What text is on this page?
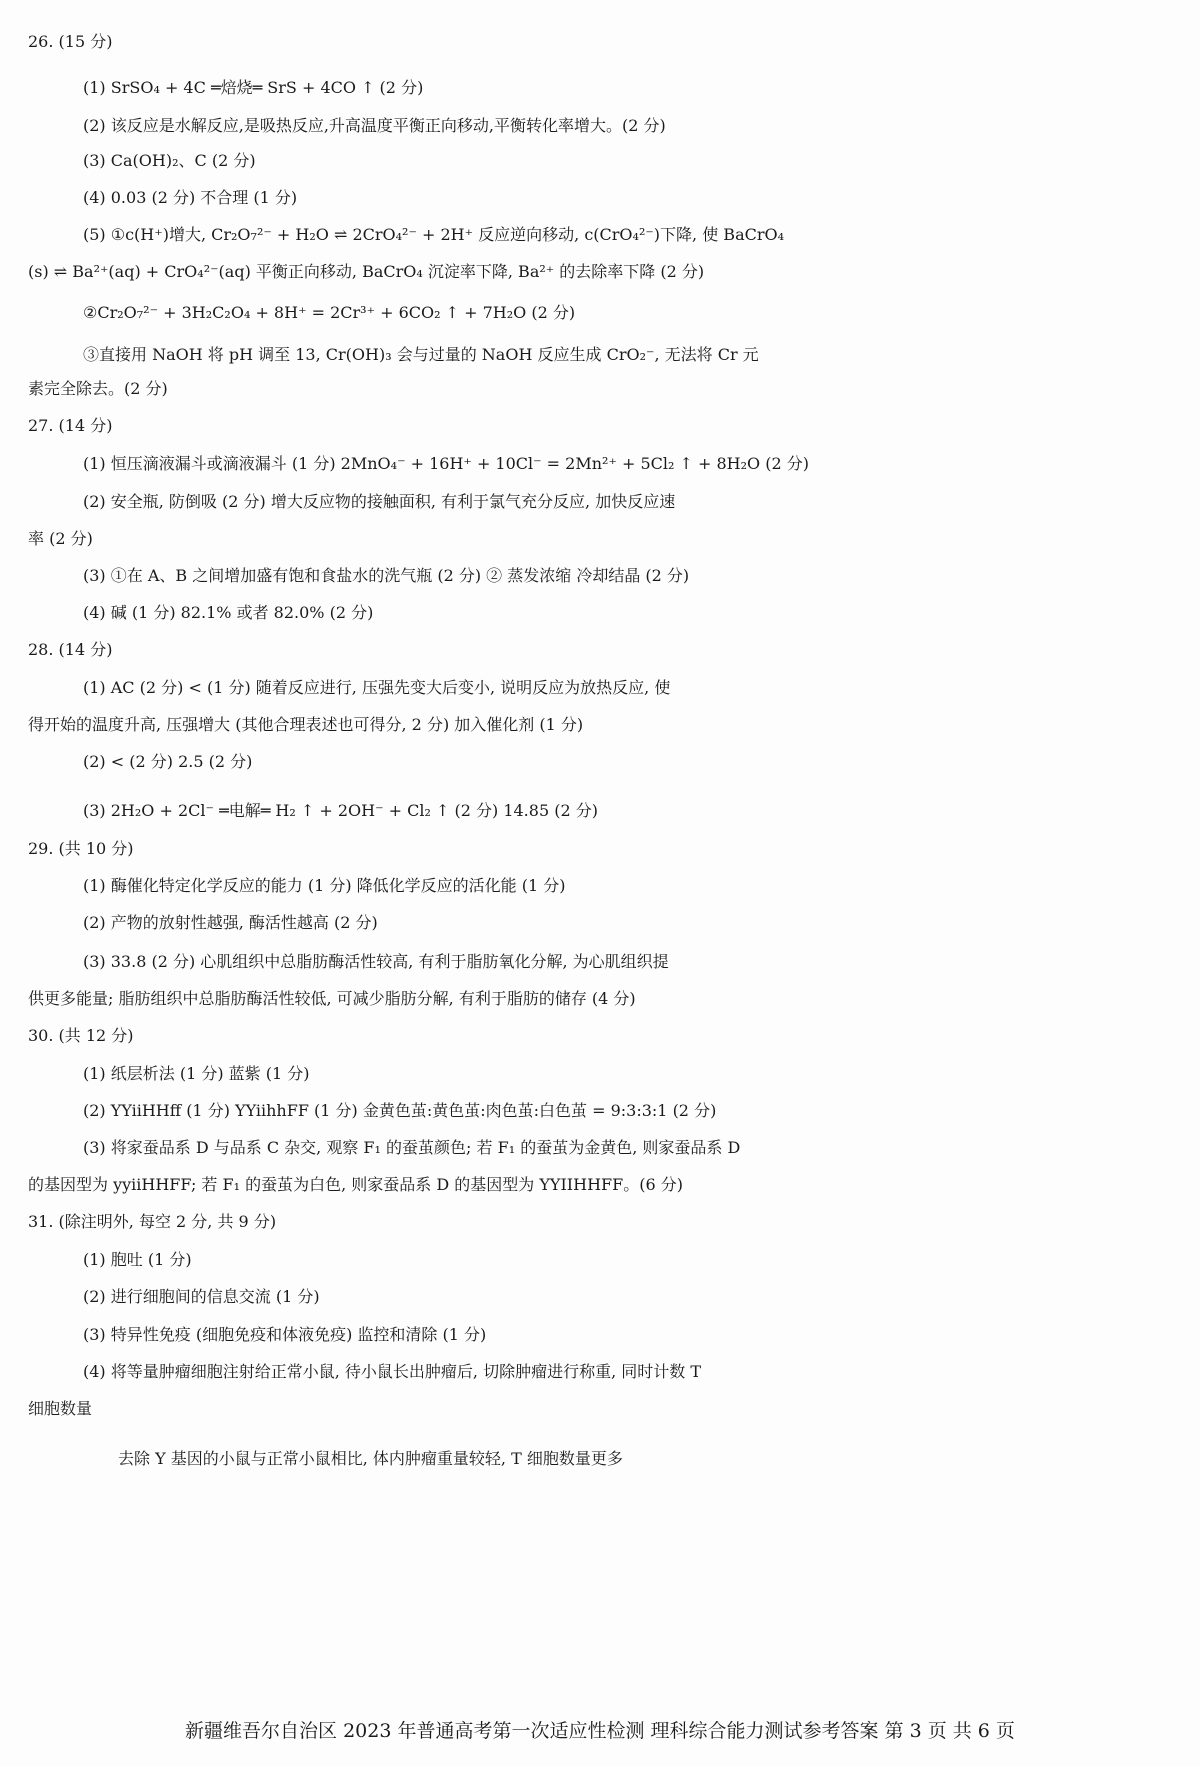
26. (15 分)
(1) SrSO₄ + 4C ═焙烧═ SrS + 4CO ↑ (2 分)
(2) 该反应是水解反应,是吸热反应,升高温度平衡正向移动,平衡转化率增大。(2 分)
(3) Ca(OH)₂、C (2 分)
(4) 0.03 (2 分) 不合理 (1 分)
(5) ①c(H⁺)增大, Cr₂O₇²⁻ + H₂O ⇌ 2CrO₄²⁻ + 2H⁺ 反应逆向移动, c(CrO₄²⁻)下降, 使 BaCrO₄
(s) ⇌ Ba²⁺(aq) + CrO₄²⁻(aq) 平衡正向移动, BaCrO₄ 沉淀率下降, Ba²⁺ 的去除率下降 (2 分)
②Cr₂O₇²⁻ + 3H₂C₂O₄ + 8H⁺ = 2Cr³⁺ + 6CO₂ ↑ + 7H₂O (2 分)
③直接用 NaOH 将 pH 调至 13, Cr(OH)₃ 会与过量的 NaOH 反应生成 CrO₂⁻, 无法将 Cr 元
素完全除去。(2 分)
27. (14 分)
(1) 恒压滴液漏斗或滴液漏斗 (1 分) 2MnO₄⁻ + 16H⁺ + 10Cl⁻ = 2Mn²⁺ + 5Cl₂ ↑ + 8H₂O (2 分)
(2) 安全瓶, 防倒吸 (2 分) 增大反应物的接触面积, 有利于氯气充分反应, 加快反应速
率 (2 分)
(3) ①在 A、B 之间增加盛有饱和食盐水的洗气瓶 (2 分) ② 蒸发浓缩 冷却结晶 (2 分)
(4) 碱 (1 分) 82.1% 或者 82.0% (2 分)
28. (14 分)
(1) AC (2 分) < (1 分) 随着反应进行, 压强先变大后变小, 说明反应为放热反应, 使
得开始的温度升高, 压强增大 (其他合理表述也可得分, 2 分) 加入催化剂 (1 分)
(2) < (2 分) 2.5 (2 分)
(3) 2H₂O + 2Cl⁻ ═电解═ H₂ ↑ + 2OH⁻ + Cl₂ ↑ (2 分) 14.85 (2 分)
29. (共 10 分)
(1) 酶催化特定化学反应的能力 (1 分) 降低化学反应的活化能 (1 分)
(2) 产物的放射性越强, 酶活性越高 (2 分)
(3) 33.8 (2 分) 心肌组织中总脂肪酶活性较高, 有利于脂肪氧化分解, 为心肌组织提
供更多能量; 脂肪组织中总脂肪酶活性较低, 可减少脂肪分解, 有利于脂肪的储存 (4 分)
30. (共 12 分)
(1) 纸层析法 (1 分) 蓝紫 (1 分)
(2) YYiiHHff (1 分) YYiihhFF (1 分) 金黄色茧:黄色茧:肉色茧:白色茧 = 9:3:3:1 (2 分)
(3) 将家蚕品系 D 与品系 C 杂交, 观察 F₁ 的蚕茧颜色; 若 F₁ 的蚕茧为金黄色, 则家蚕品系 D
的基因型为 yyiiHHFF; 若 F₁ 的蚕茧为白色, 则家蚕品系 D 的基因型为 YYIIHHFF。(6 分)
31. (除注明外, 每空 2 分, 共 9 分)
(1) 胞吐 (1 分)
(2) 进行细胞间的信息交流 (1 分)
(3) 特异性免疫 (细胞免疫和体液免疫) 监控和清除 (1 分)
(4) 将等量肿瘤细胞注射给正常小鼠, 待小鼠长出肿瘤后, 切除肿瘤进行称重, 同时计数 T
细胞数量
去除 Y 基因的小鼠与正常小鼠相比, 体内肿瘤重量较轻, T 细胞数量更多
新疆维吾尔自治区 2023 年普通高考第一次适应性检测 理科综合能力测试参考答案 第 3 页 共 6 页
